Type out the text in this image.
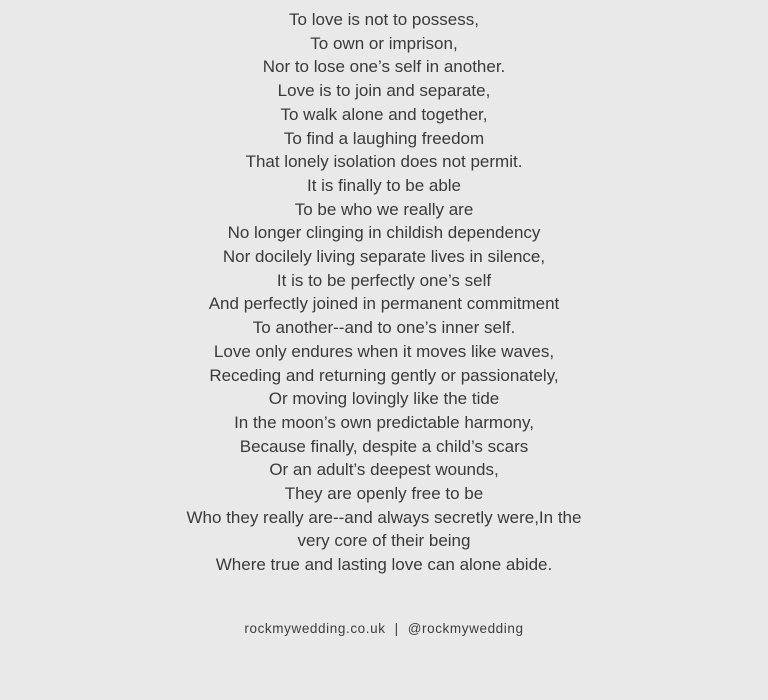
To love is not to possess,
To own or imprison,
Nor to lose one’s self in another.
Love is to join and separate,
To walk alone and together,
To find a laughing freedom
That lonely isolation does not permit.
It is finally to be able
To be who we really are
No longer clinging in childish dependency
Nor docilely living separate lives in silence,
It is to be perfectly one’s self
And perfectly joined in permanent commitment
To another--and to one’s inner self.
Love only endures when it moves like waves,
Receding and returning gently or passionately,
Or moving lovingly like the tide
In the moon’s own predictable harmony,
Because finally, despite a child’s scars
Or an adult’s deepest wounds,
They are openly free to be
Who they really are--and always secretly were,In the
very core of their being
Where true and lasting love can alone abide.
rockmywedding.co.uk | @rockmywedding
